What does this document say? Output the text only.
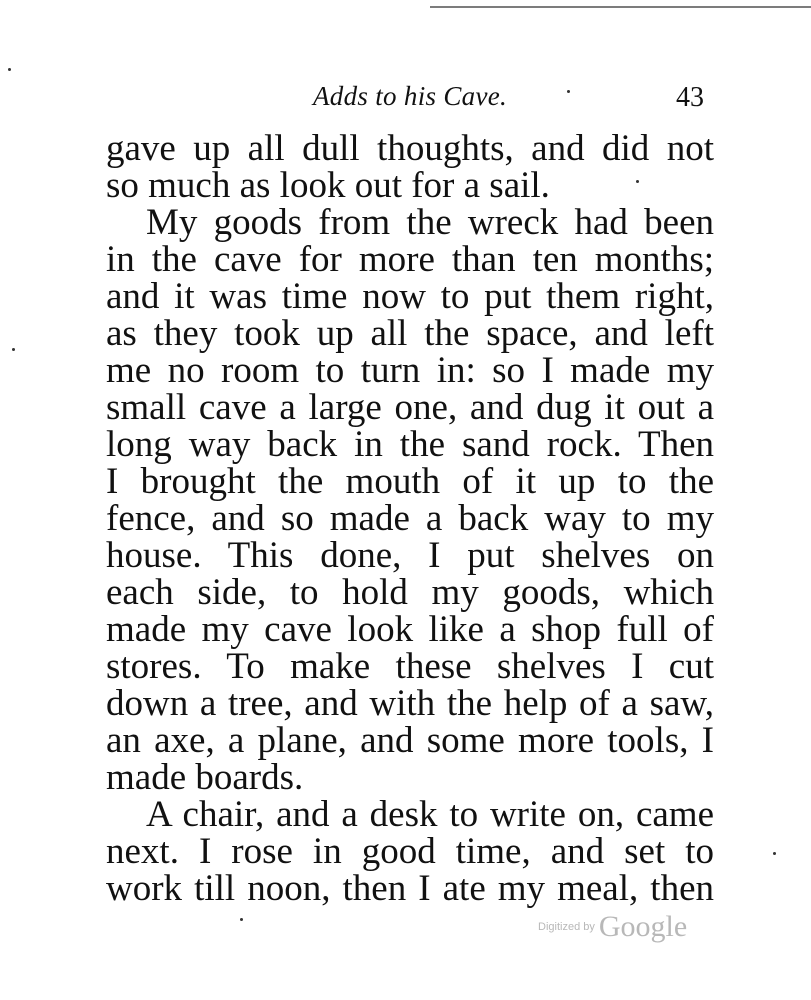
Adds to his Cave.	43
gave up all dull thoughts, and did not
so much as look out for a sail.
My goods from the wreck had been
in the cave for more than ten months;
and it was time now to put them right,
as they took up all the space, and left
me no room to turn in: so I made my
small cave a large one, and dug it out a
long way back in the sand rock. Then
I brought the mouth of it up to the
fence, and so made a back way to my
house. This done, I put shelves on
each side, to hold my goods, which
made my cave look like a shop full of
stores. To make these shelves I cut
down a tree, and with the help of a saw,
an axe, a plane, and some more tools, I
made boards.
A chair, and a desk to write on, came
next. I rose in good time, and set to
work till noon, then I ate my meal, then
Digitized by Google
